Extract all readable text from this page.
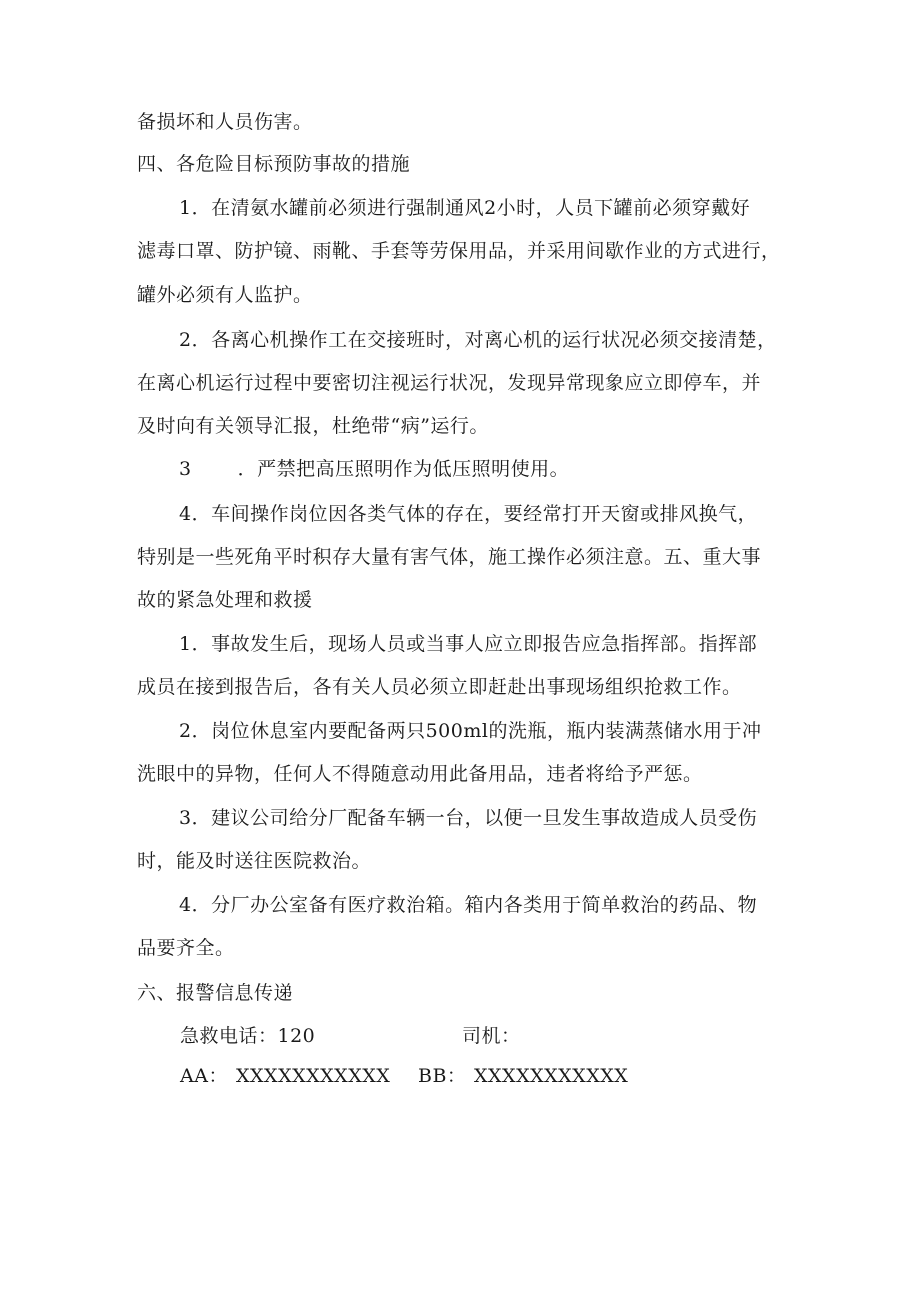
备损坏和人员伤害。
四、各危险目标预防事故的措施
1．在清氨水罐前必须进行强制通风2小时，人员下罐前必须穿戴好
滤毒口罩、防护镜、雨靴、手套等劳保用品，并采用间歇作业的方式进行，
罐外必须有人监护。
2．各离心机操作工在交接班时，对离心机的运行状况必须交接清楚，
在离心机运行过程中要密切注视运行状况，发现异常现象应立即停车，并
及时向有关领导汇报，杜绝带“病”运行。
3 ．严禁把高压照明作为低压照明使用。
4．车间操作岗位因各类气体的存在，要经常打开天窗或排风换气，
特别是一些死角平时积存大量有害气体，施工操作必须注意。五、重大事
故的紧急处理和救援
1．事故发生后，现场人员或当事人应立即报告应急指挥部。指挥部
成员在接到报告后，各有关人员必须立即赶赴出事现场组织抢救工作。
2．岗位休息室内要配备两只500ml的洗瓶，瓶内装满蒸储水用于冲
洗眼中的异物，任何人不得随意动用此备用品，违者将给予严惩。
3．建议公司给分厂配备车辆一台，以便一旦发生事故造成人员受伤
时，能及时送往医院救治。
4．分厂办公室备有医疗救治箱。箱内各类用于简单救治的药品、物
品要齐全。
六、报警信息传递
急救电话：120	司机：
AA： XXXXXXXXXXX BB： XXXXXXXXXXX
